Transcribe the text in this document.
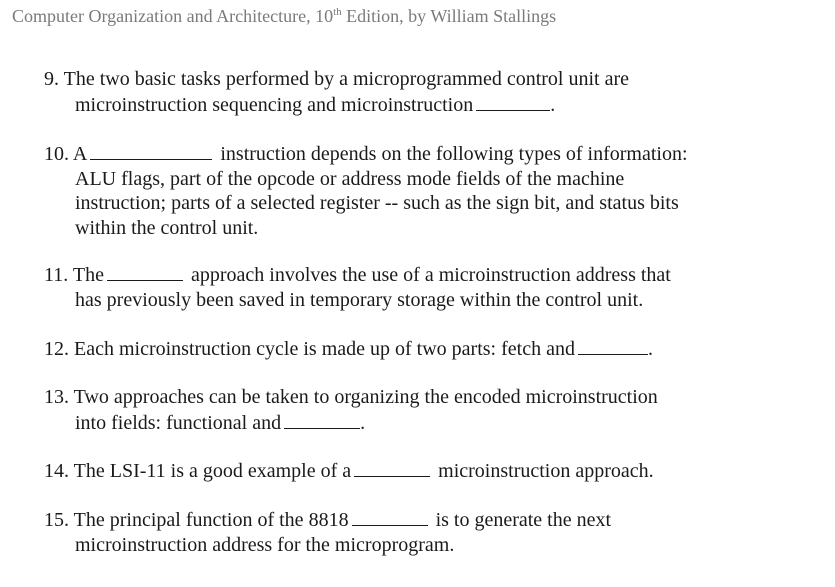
Computer Organization and Architecture, 10th Edition, by William Stallings
9. The two basic tasks performed by a microprogrammed control unit are
microinstruction sequencing and microinstruction	.
10. A	instruction depends on the following types of information:
ALU flags, part of the opcode or address mode fields of the machine
instruction; parts of a selected register -- such as the sign bit, and status bits
within the control unit.
11. The	approach involves the use of a microinstruction address that
has previously been saved in temporary storage within the control unit.
12. Each microinstruction cycle is made up of two parts: fetch and	.
13. Two approaches can be taken to organizing the encoded microinstruction
into fields: functional and	.
14. The LSI-11 is a good example of a	microinstruction approach.
15. The principal function of the 8818	is to generate the next
microinstruction address for the microprogram.
